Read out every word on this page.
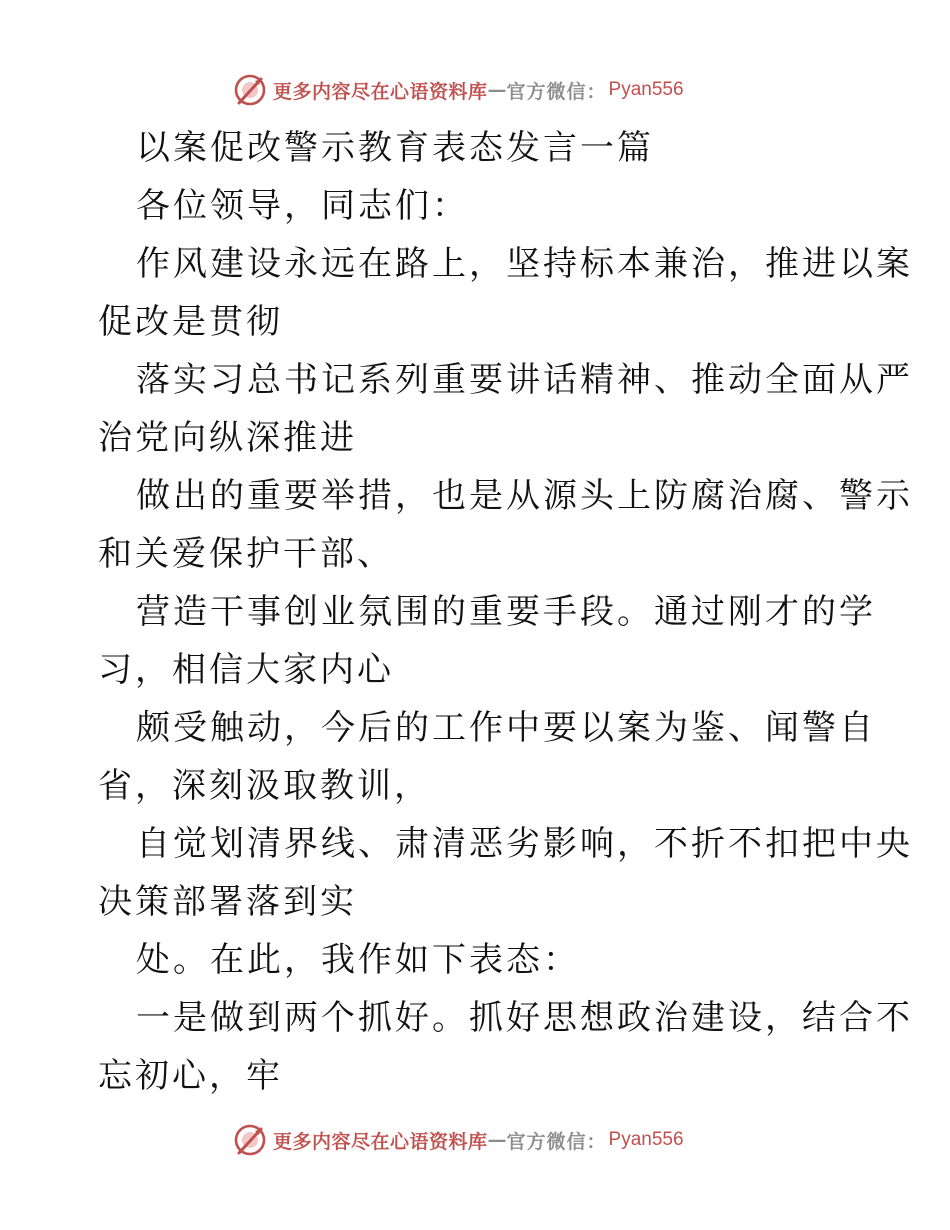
更多内容尽在心语资料库 — 官方微信： Pyan556
以案促改警示教育表态发言一篇
各位领导，同志们：
作风建设永远在路上，坚持标本兼治，推进以案
促改是贯彻
落实习总书记系列重要讲话精神、推动全面从严
治党向纵深推进
做出的重要举措，也是从源头上防腐治腐、警示
和关爱保护干部、
营造干事创业氛围的重要手段。通过刚才的学
习，相信大家内心
颇受触动，今后的工作中要以案为鉴、闻警自
省，深刻汲取教训，
自觉划清界线、肃清恶劣影响，不折不扣把中央
决策部署落到实
处。在此，我作如下表态：
一是做到两个抓好。抓好思想政治建设，结合不
忘初心，牢
更多内容尽在心语资料库 — 官方微信： Pyan556
